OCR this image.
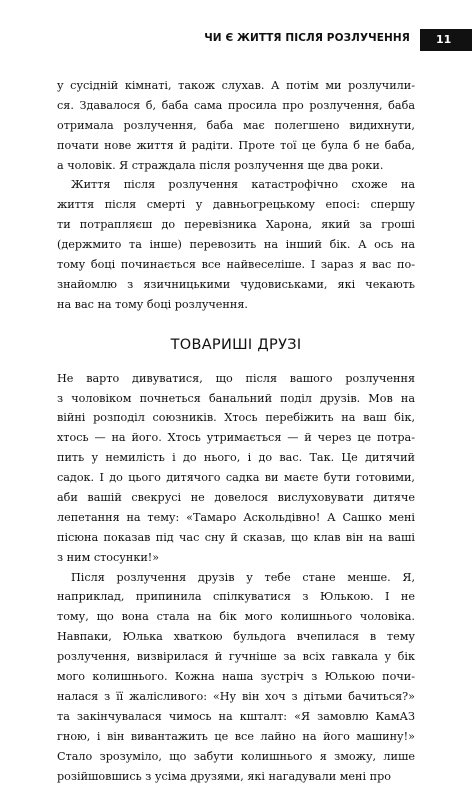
ЧИ Є ЖИТТЯ ПІСЛЯ РОЗЛУЧЕННЯ 11
у сусідній кімнаті, також слухав. А потім ми розлучили-
ся. Здавалося б, баба сама просила про розлучення, баба
отримала розлучення, баба має полегшено видихнути,
почати нове життя й радіти. Проте тої це була б не баба,
а чоловік. Я страждала після розлучення ще два роки.
Життя після розлучення катастрофічно схоже на
життя після смерті у давньогрецькому епосі: спершу
ти потрапляєш до перевізника Харона, який за гроші
(держмито та інше) перевозить на інший бік. А ось на
тому боці починається все найвеселіше. І зараз я вас по-
знайомлю з язичницькими чудовиськами, які чекають
на вас на тому боці розлучення.
ТОВАРИШІ ДРУЗІ
Не варто дивуватися, що після вашого розлучення
з чоловіком почнеться банальний поділ друзів. Мов на
війні розподіл союзників. Хтось перебіжить на ваш бік,
хтось — на його. Хтось утримається — й через це потра-
пить у немилість і до нього, і до вас. Так. Це дитячий
садок. І до цього дитячого садка ви маєте бути готовими,
аби вашій свекрусі не довелося вислуховувати дитяче
лепетання на тему: «Тамаро Аскольдівно! А Сашко мені
пісюна показав під час сну й сказав, що клав він на ваші
з ним стосунки!»
Після розлучення друзів у тебе стане менше. Я,
наприклад, припинила спілкуватися з Юлькою. І не
тому, що вона стала на бік мого колишнього чоловіка.
Навпаки, Юлька хваткою бульдога вчепилася в тему
розлучення, визвірилася й гучніше за всіх гавкала у бік
мого колишнього. Кожна наша зустріч з Юлькою почи-
налася з її жалісливого: «Ну він хоч з дітьми бачиться?»
та закінчувалася чимось на кшталт: «Я замовлю КамАЗ
гною, і він вивантажить це все лайно на його машину!»
Стало зрозуміло, що забути колишнього я зможу, лише
розійшовшись з усіма друзями, які нагадували мені про
